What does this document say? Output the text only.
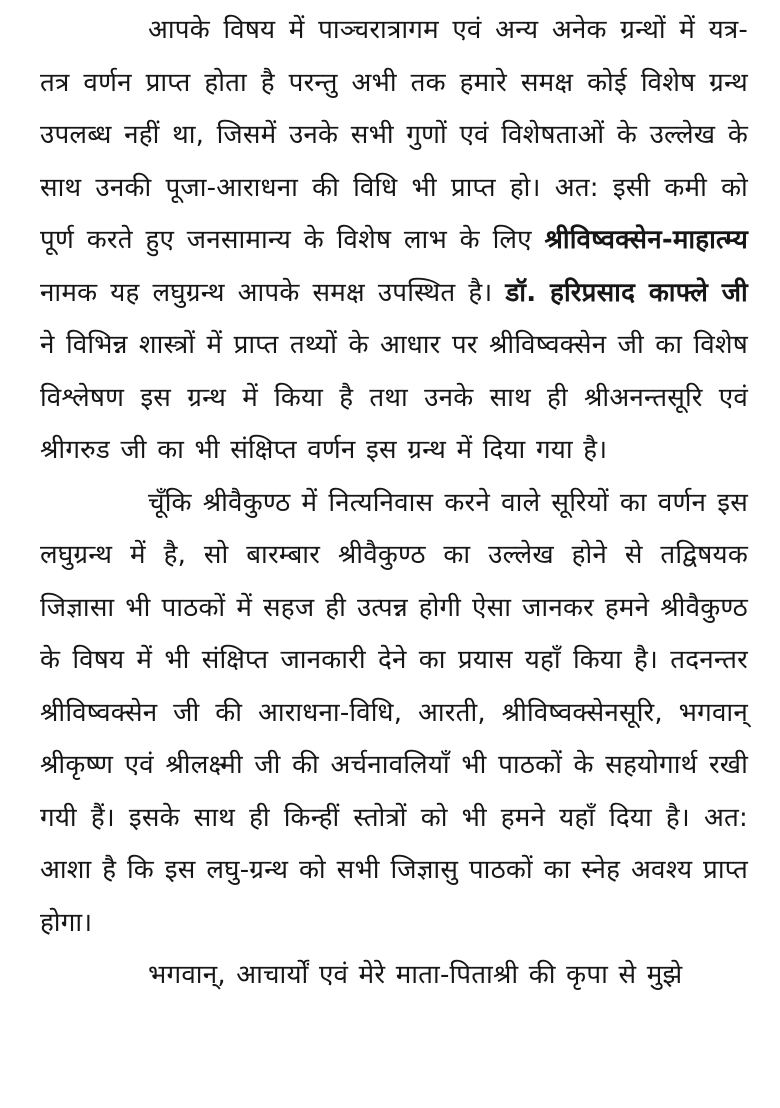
आपके विषय में पाञ्चरात्रागम एवं अन्य अनेक ग्रन्थों में यत्र-तत्र वर्णन प्राप्त होता है परन्तु अभी तक हमारे समक्ष कोई विशेष ग्रन्थ उपलब्ध नहीं था, जिसमें उनके सभी गुणों एवं विशेषताओं के उल्लेख के साथ उनकी पूजा-आराधना की विधि भी प्राप्त हो। अत: इसी कमी को पूर्ण करते हुए जनसामान्य के विशेष लाभ के लिए श्रीविष्वक्सेन-माहात्म्य नामक यह लघुग्रन्थ आपके समक्ष उपस्थित है। डॉ. हरिप्रसाद काफ्ले जी ने विभिन्न शास्त्रों में प्राप्त तथ्यों के आधार पर श्रीविष्वक्सेन जी का विशेष विश्लेषण इस ग्रन्थ में किया है तथा उनके साथ ही श्रीअनन्तसूरि एवं श्रीगरुड जी का भी संक्षिप्त वर्णन इस ग्रन्थ में दिया गया है।

चूँकि श्रीवैकुण्ठ में नित्यनिवास करने वाले सूरियों का वर्णन इस लघुग्रन्थ में है, सो बारम्बार श्रीवैकुण्ठ का उल्लेख होने से तद्विषयक जिज्ञासा भी पाठकों में सहज ही उत्पन्न होगी ऐसा जानकर हमने श्रीवैकुण्ठ के विषय में भी संक्षिप्त जानकारी देने का प्रयास यहाँ किया है। तदनन्तर श्रीविष्वक्सेन जी की आराधना-विधि, आरती, श्रीविष्वक्सेनसूरि, भगवान् श्रीकृष्ण एवं श्रीलक्ष्मी जी की अर्चनावलियाँ भी पाठकों के सहयोगार्थ रखी गयी हैं। इसके साथ ही किन्हीं स्तोत्रों को भी हमने यहाँ दिया है। अत: आशा है कि इस लघु-ग्रन्थ को सभी जिज्ञासु पाठकों का स्नेह अवश्य प्राप्त होगा।

भगवान्, आचार्यों एवं मेरे माता-पिताश्री की कृपा से मुझे
